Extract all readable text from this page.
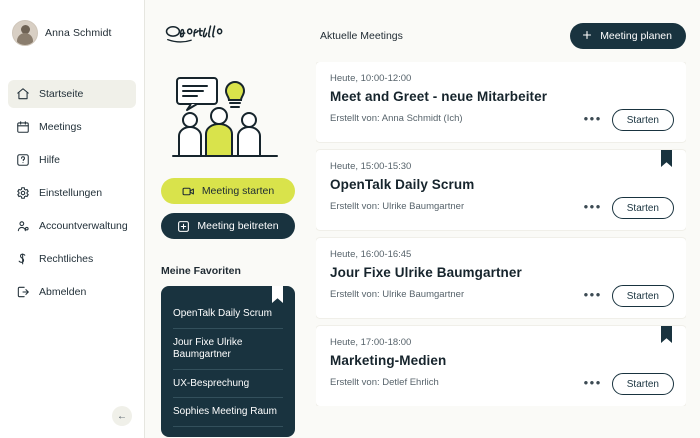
Anna Schmidt
Startseite
Meetings
Hilfe
Einstellungen
Accountverwaltung
Rechtliches
Abmelden
←
Meeting starten
Meeting beitreten
Meine Favoriten
OpenTalk Daily Scrum
Jour Fixe Ulrike Baumgartner
UX-Besprechung
Sophies Meeting Raum
Aktuelle Meetings	Meeting planen
Heute, 10:00-12:00
Meet and Greet - neue Mitarbeiter
Erstellt von: Anna Schmidt (Ich)	•••	Starten
Heute, 15:00-15:30
OpenTalk Daily Scrum
Erstellt von: Ulrike Baumgartner	•••	Starten
Heute, 16:00-16:45
Jour Fixe Ulrike Baumgartner
Erstellt von: Ulrike Baumgartner	•••	Starten
Heute, 17:00-18:00
Marketing-Medien
Erstellt von: Detlef Ehrlich	•••	Starten
